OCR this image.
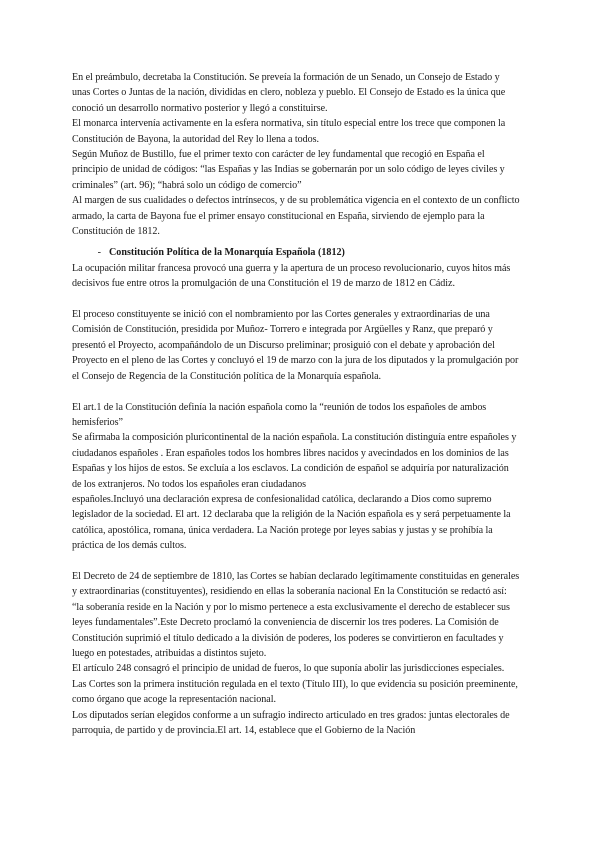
En el preámbulo, decretaba la Constitución. Se preveía la formación de un Senado, un Consejo de Estado y unas Cortes o Juntas de la nación, divididas en clero, nobleza y pueblo. El Consejo de Estado es la única que conoció un desarrollo normativo posterior y llegó a constituirse.

El monarca intervenía activamente en la esfera normativa, sin título especial entre los trece que componen la Constitución de Bayona, la autoridad del Rey lo llena a todos.

Según Muñoz de Bustillo, fue el primer texto con carácter de ley fundamental que recogió en España el principio de unidad de códigos: “las Españas y las Indias se gobernarán por un solo código de leyes civiles y criminales” (art. 96); “habrá solo un código de comercio”

Al margen de sus cualidades o defectos intrínsecos, y de su problemática vigencia en el contexto de un conflicto armado, la carta de Bayona fue el primer ensayo constitucional en España, sirviendo de ejemplo para la Constitución de 1812.

- Constitución Política de la Monarquía Española (1812)

La ocupación militar francesa provocó una guerra y la apertura de un proceso revolucionario, cuyos hitos más decisivos fue entre otros la promulgación de una Constitución el 19 de marzo de 1812 en Cádiz.

El proceso constituyente se inició con el nombramiento por las Cortes generales y extraordinarias de una Comisión de Constitución, presidida por Muñoz- Torrero e integrada por Argüelles y Ranz, que preparó y presentó el Proyecto, acompañándolo de un Discurso preliminar; prosiguió con el debate y aprobación del Proyecto en el pleno de las Cortes y concluyó el 19 de marzo con la jura de los diputados y la promulgación por el Consejo de Regencia de la Constitución política de la Monarquía española.

El art.1 de la Constitución definía la nación española como la “reunión de todos los españoles de ambos hemisferios”

Se afirmaba la composición pluricontinental de la nación española. La constitución distinguía entre españoles y ciudadanos españoles . Eran españoles todos los hombres libres nacidos y avecindados en los dominios de las Españas y los hijos de estos. Se excluía a los esclavos. La condición de español se adquiría por naturalización de los extranjeros. No todos los españoles eran ciudadanos

españoles.Incluyó una declaración expresa de confesionalidad católica, declarando a Dios como supremo legislador de la sociedad. El art. 12 declaraba que la religión de la Nación española es y será perpetuamente la católica, apostólica, romana, única verdadera. La Nación protege por leyes sabias y justas y se prohíbía la práctica de los demás cultos.

El Decreto de 24 de septiembre de 1810, las Cortes se habían declarado legítimamente constituidas en generales y extraordinarias (constituyentes), residiendo en ellas la soberanía nacional En la Constitución se redactó así: “la soberanía reside en la Nación y por lo mismo pertenece a esta exclusivamente el derecho de establecer sus leyes fundamentales”.Este Decreto proclamó la conveniencia de discernir los tres poderes. La Comisión de Constitución suprimió el título dedicado a la división de poderes, los poderes se convirtieron en facultades y luego en potestades, atribuidas a distintos sujeto.

El artículo 248 consagró el principio de unidad de fueros, lo que suponía abolir las jurisdicciones especiales.

Las Cortes son la primera institución regulada en el texto (Título III), lo que evidencia su posición preeminente, como órgano que acoge la representación nacional.

Los diputados serían elegidos conforme a un sufragio indirecto articulado en tres grados: juntas electorales de parroquia, de partido y de provincia.El art. 14, establece que el Gobierno de la Nación
